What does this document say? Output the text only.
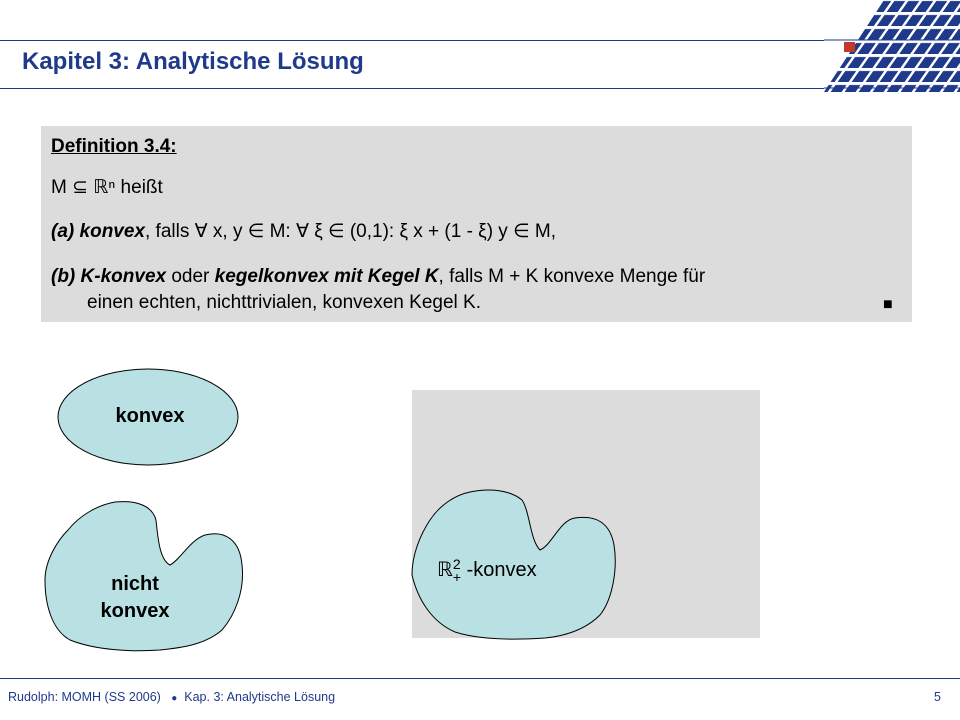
Kapitel 3: Analytische Lösung
Definition 3.4:
M ⊆ ℝⁿ heißt
(a) konvex, falls ∀ x, y ∈ M: ∀ ξ ∈ (0,1): ξ x + (1 - ξ) y ∈ M,
(b) K-konvex oder kegelkonvex mit Kegel K, falls M + K konvexe Menge für
einen echten, nichttrivialen, konvexen Kegel K.	■
konvex
nicht
konvex
ℝ 2
+ -konvex
Rudolph: MOMH (SS 2006) ● Kap. 3: Analytische Lösung	5
